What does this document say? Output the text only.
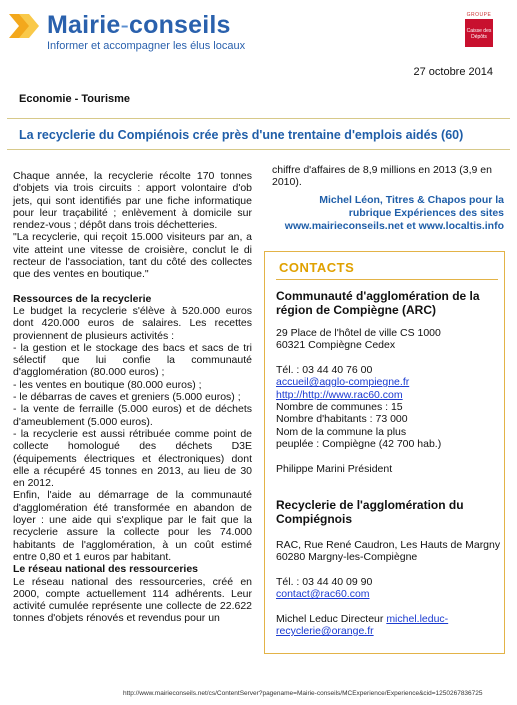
Mairie-conseils
Informer et accompagner les élus locaux
GROUPE
Caisse des Dépôts
27 octobre 2014
Economie - Tourisme
La recyclerie du Compiénois crée près d'une trentaine d'emplois aidés (60)

Chaque année, la recyclerie récolte 170 tonnes d'objets via trois circuits : apport volontaire d'ob jets, qui sont identifiés par une fiche informatique pour leur traçabilité ; enlèvement à domicile sur rendez-vous ; dépôt dans trois déchetteries.

"La recyclerie, qui reçoit 15.000 visiteurs par an, a vite atteint une vitesse de croisière, conclut le di recteur de l'association, tant du côté des collectes que des ventes en boutique."

Ressources de la recyclerie

Le budget la recyclerie s'élève à 520.000 euros dont 420.000 euros de salaires. Les recettes proviennent de plusieurs activités :

- la gestion et le stockage des bacs et sacs de tri sélectif que lui confie la communauté d'agglomération (80.000 euros) ;

- les ventes en boutique (80.000 euros) ;

- le débarras de caves et greniers (5.000 euros) ;

- la vente de ferraille (5.000 euros) et de déchets d'ameublement (5.000 euros).

- la recyclerie est aussi rétribuée comme point de collecte homologué des déchets D3E (équipements électriques et électroniques) dont elle a récupéré 45 tonnes en 2013, au lieu de 30 en 2012.

Enfin, l'aide au démarrage de la communauté d'agglomération été transformée en abandon de loyer : une aide qui s'explique par le fait que la recyclerie assure la collecte pour les 74.000 habitants de l'agglomération, à un coût estimé entre 0,80 et 1 euros par habitant.

Le réseau national des ressourceries

Le réseau national des ressourceries, créé en 2000, compte actuellement 114 adhérents. Leur activité cumulée représente une collecte de 22.622 tonnes d'objets rénovés et revendus pour un

chiffre d'affaires de 8,9 millions en 2013 (3,9 en 2010).
Michel Léon, Titres & Chapos pour la
rubrique Expériences des sites
www.mairieconseils.net et www.localtis.info
CONTACTS
Communauté d'agglomération de la région de Compiègne (ARC)
29 Place de l'hôtel de ville CS 1000
60321 Compiègne Cedex
Tél. : 03 44 40 76 00
accueil@agglo-compiegne.fr
http://http://www.rac60.com
Nombre de communes : 15
Nombre d'habitants : 73 000
Nom de la commune la plus
peuplée : Compiègne (42 700 hab.)
Philippe Marini Président
Recyclerie de l'agglomération du Compiégnois
RAC, Rue René Caudron, Les Hauts de Margny
60280 Margny-les-Compiègne
Tél. : 03 44 40 09 90
contact@rac60.com
Michel Leduc Directeur michel.leduc-
recyclerie@orange.fr
http://www.mairieconseils.net/cs/ContentServer?pagename=Mairie-conseils/MCExperience/Experience&cid=1250267836725
